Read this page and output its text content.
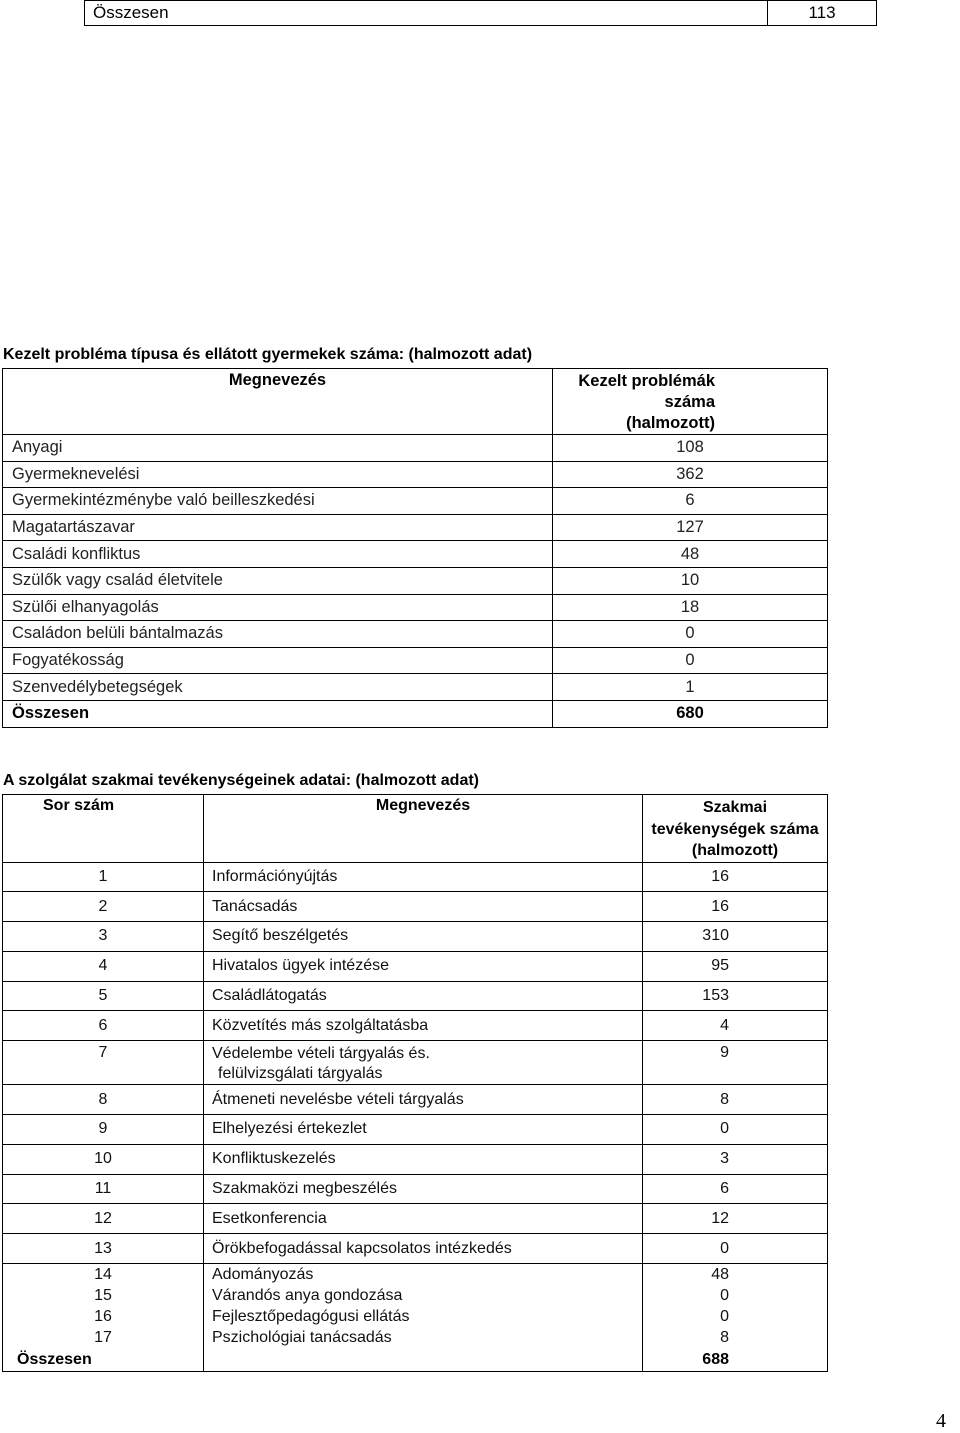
Összesen	113
Kezelt probléma típusa és ellátott gyermekek száma: (halmozott adat)
Megnevezés	Kezelt problémák száma
(halmozott)
Anyagi	108
Gyermeknevelési	362
Gyermekintézménybe való beilleszkedési	6
Magatartászavar	127
Családi konfliktus	48
Szülők vagy család életvitele	10
Szülői elhanyagolás	18
Családon belüli bántalmazás	0
Fogyatékosság	0
Szenvedélybetegségek	1
Összesen	680
A szolgálat szakmai tevékenységeinek adatai: (halmozott adat)
Sor szám	Megnevezés	Szakmai
tevékenységek száma
(halmozott)
1	Információnyújtás	16
2	Tanácsadás	16
3	Segítő beszélgetés	310
4	Hivatalos ügyek intézése	95
5	Családlátogatás	153
6	Közvetítés más szolgáltatásba	4
7	Védelembe vételi tárgyalás és.
felülvizsgálati tárgyalás	9
8	Átmeneti nevelésbe vételi tárgyalás	8
9	Elhelyezési értekezlet	0
10	Konfliktuskezelés	3
11	Szakmaközi megbeszélés	6
12	Esetkonferencia	12
13	Örökbefogadással kapcsolatos intézkedés	0
14	Adományozás	48
15	Várandós anya gondozása	0
16	Fejlesztőpedagógusi ellátás	0
17	Pszichológiai tanácsadás	8
Összesen		688
4
